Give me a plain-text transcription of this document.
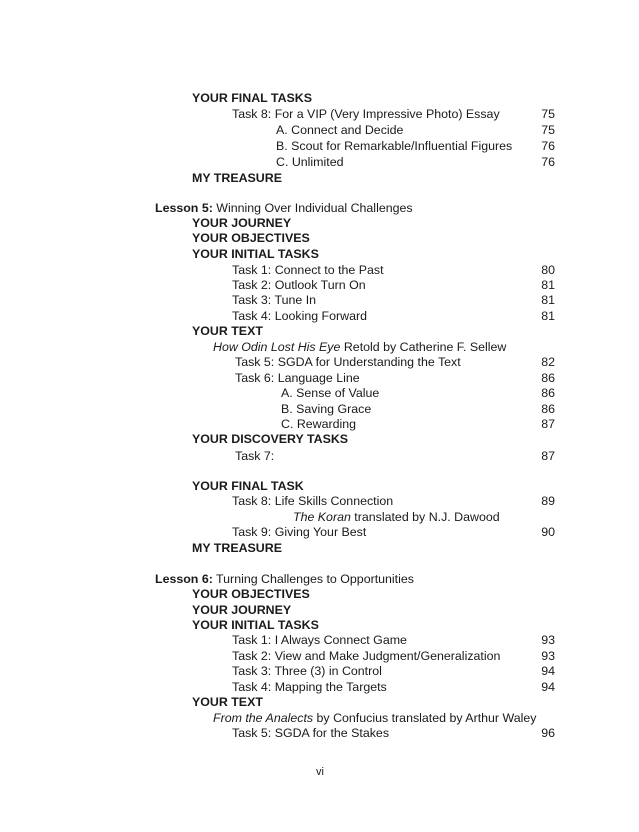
YOUR FINAL TASKS
Task 8: For a VIP (Very Impressive Photo) Essay	75
A. Connect and Decide	75
B. Scout for Remarkable/Influential Figures	76
C. Unlimited	76
MY TREASURE
Lesson 5: Winning Over Individual Challenges
YOUR JOURNEY
YOUR OBJECTIVES
YOUR INITIAL TASKS
Task 1: Connect to the Past	80
Task 2: Outlook Turn On	81
Task 3: Tune In	81
Task 4: Looking Forward	81
YOUR TEXT
How Odin Lost His Eye Retold by Catherine F. Sellew
Task 5: SGDA for Understanding the Text	82
Task 6: Language Line	86
A. Sense of Value	86
B. Saving Grace	86
C. Rewarding	87
YOUR DISCOVERY TASKS
Task 7:	87
YOUR FINAL TASK
Task 8: Life Skills Connection	89
The Koran translated by N.J. Dawood
Task 9: Giving Your Best	90
MY TREASURE
Lesson 6: Turning Challenges to Opportunities
YOUR OBJECTIVES
YOUR JOURNEY
YOUR INITIAL TASKS
Task 1: I Always Connect Game	93
Task 2: View and Make Judgment/Generalization	93
Task 3: Three (3) in Control	94
Task 4: Mapping the Targets	94
YOUR TEXT
From the Analects by Confucius translated by Arthur Waley
Task 5: SGDA for the Stakes	96
vi
